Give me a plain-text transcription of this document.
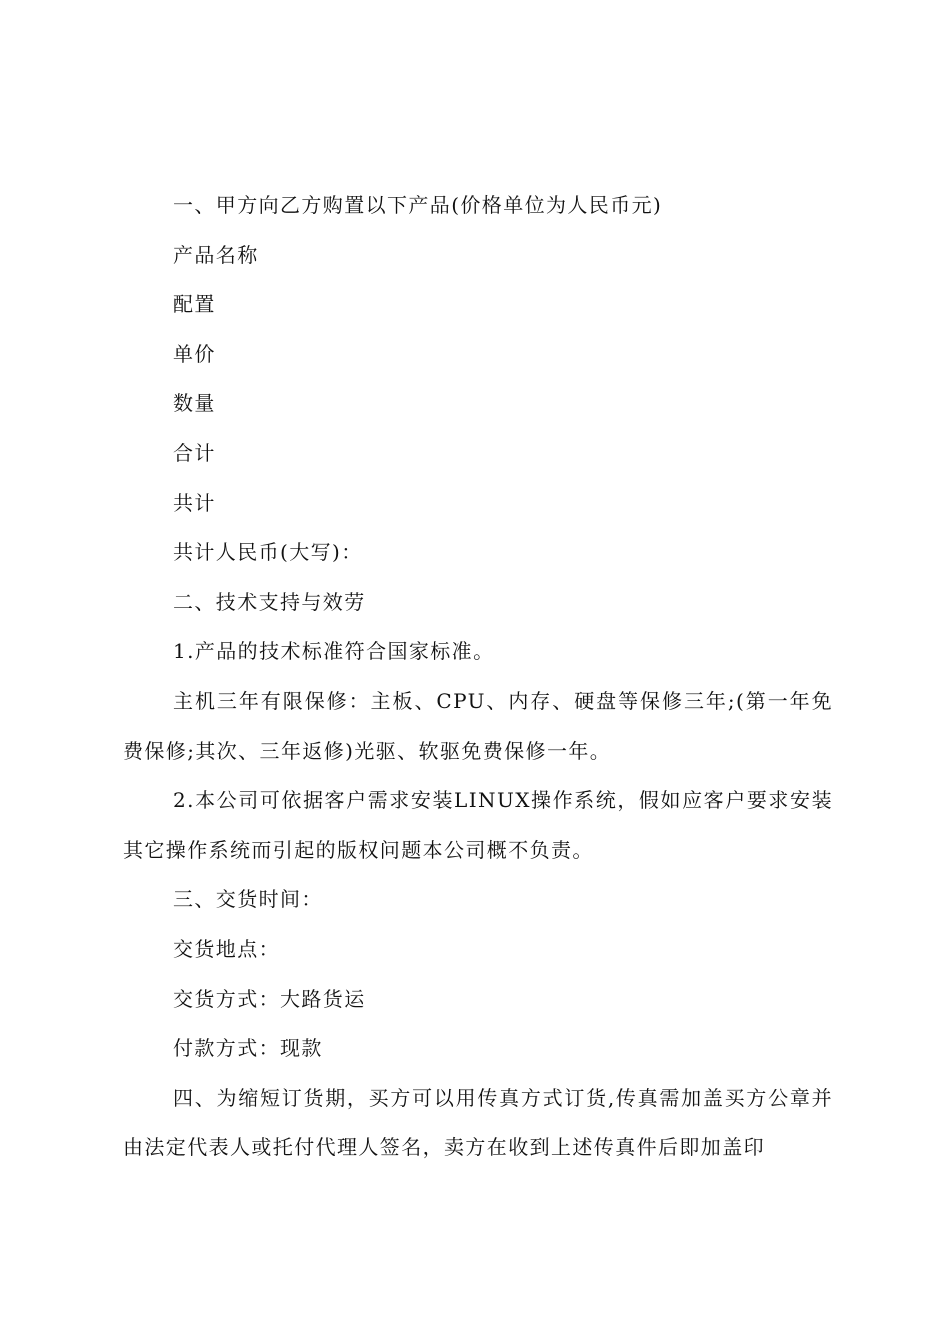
一、甲方向乙方购置以下产品(价格单位为人民币元)

产品名称

配置

单价

数量

合计

共计

共计人民币(大写)：

二、技术支持与效劳

1.产品的技术标准符合国家标准。

主机三年有限保修：主板、CPU、内存、硬盘等保修三年;(第一年免费保修;其次、三年返修)光驱、软驱免费保修一年。

2.本公司可依据客户需求安装LINUX操作系统，假如应客户要求安装其它操作系统而引起的版权问题本公司概不负责。

三、交货时间：

交货地点：

交货方式：大路货运

付款方式：现款

四、为缩短订货期，买方可以用传真方式订货,传真需加盖买方公章并由法定代表人或托付代理人签名，卖方在收到上述传真件后即加盖印
